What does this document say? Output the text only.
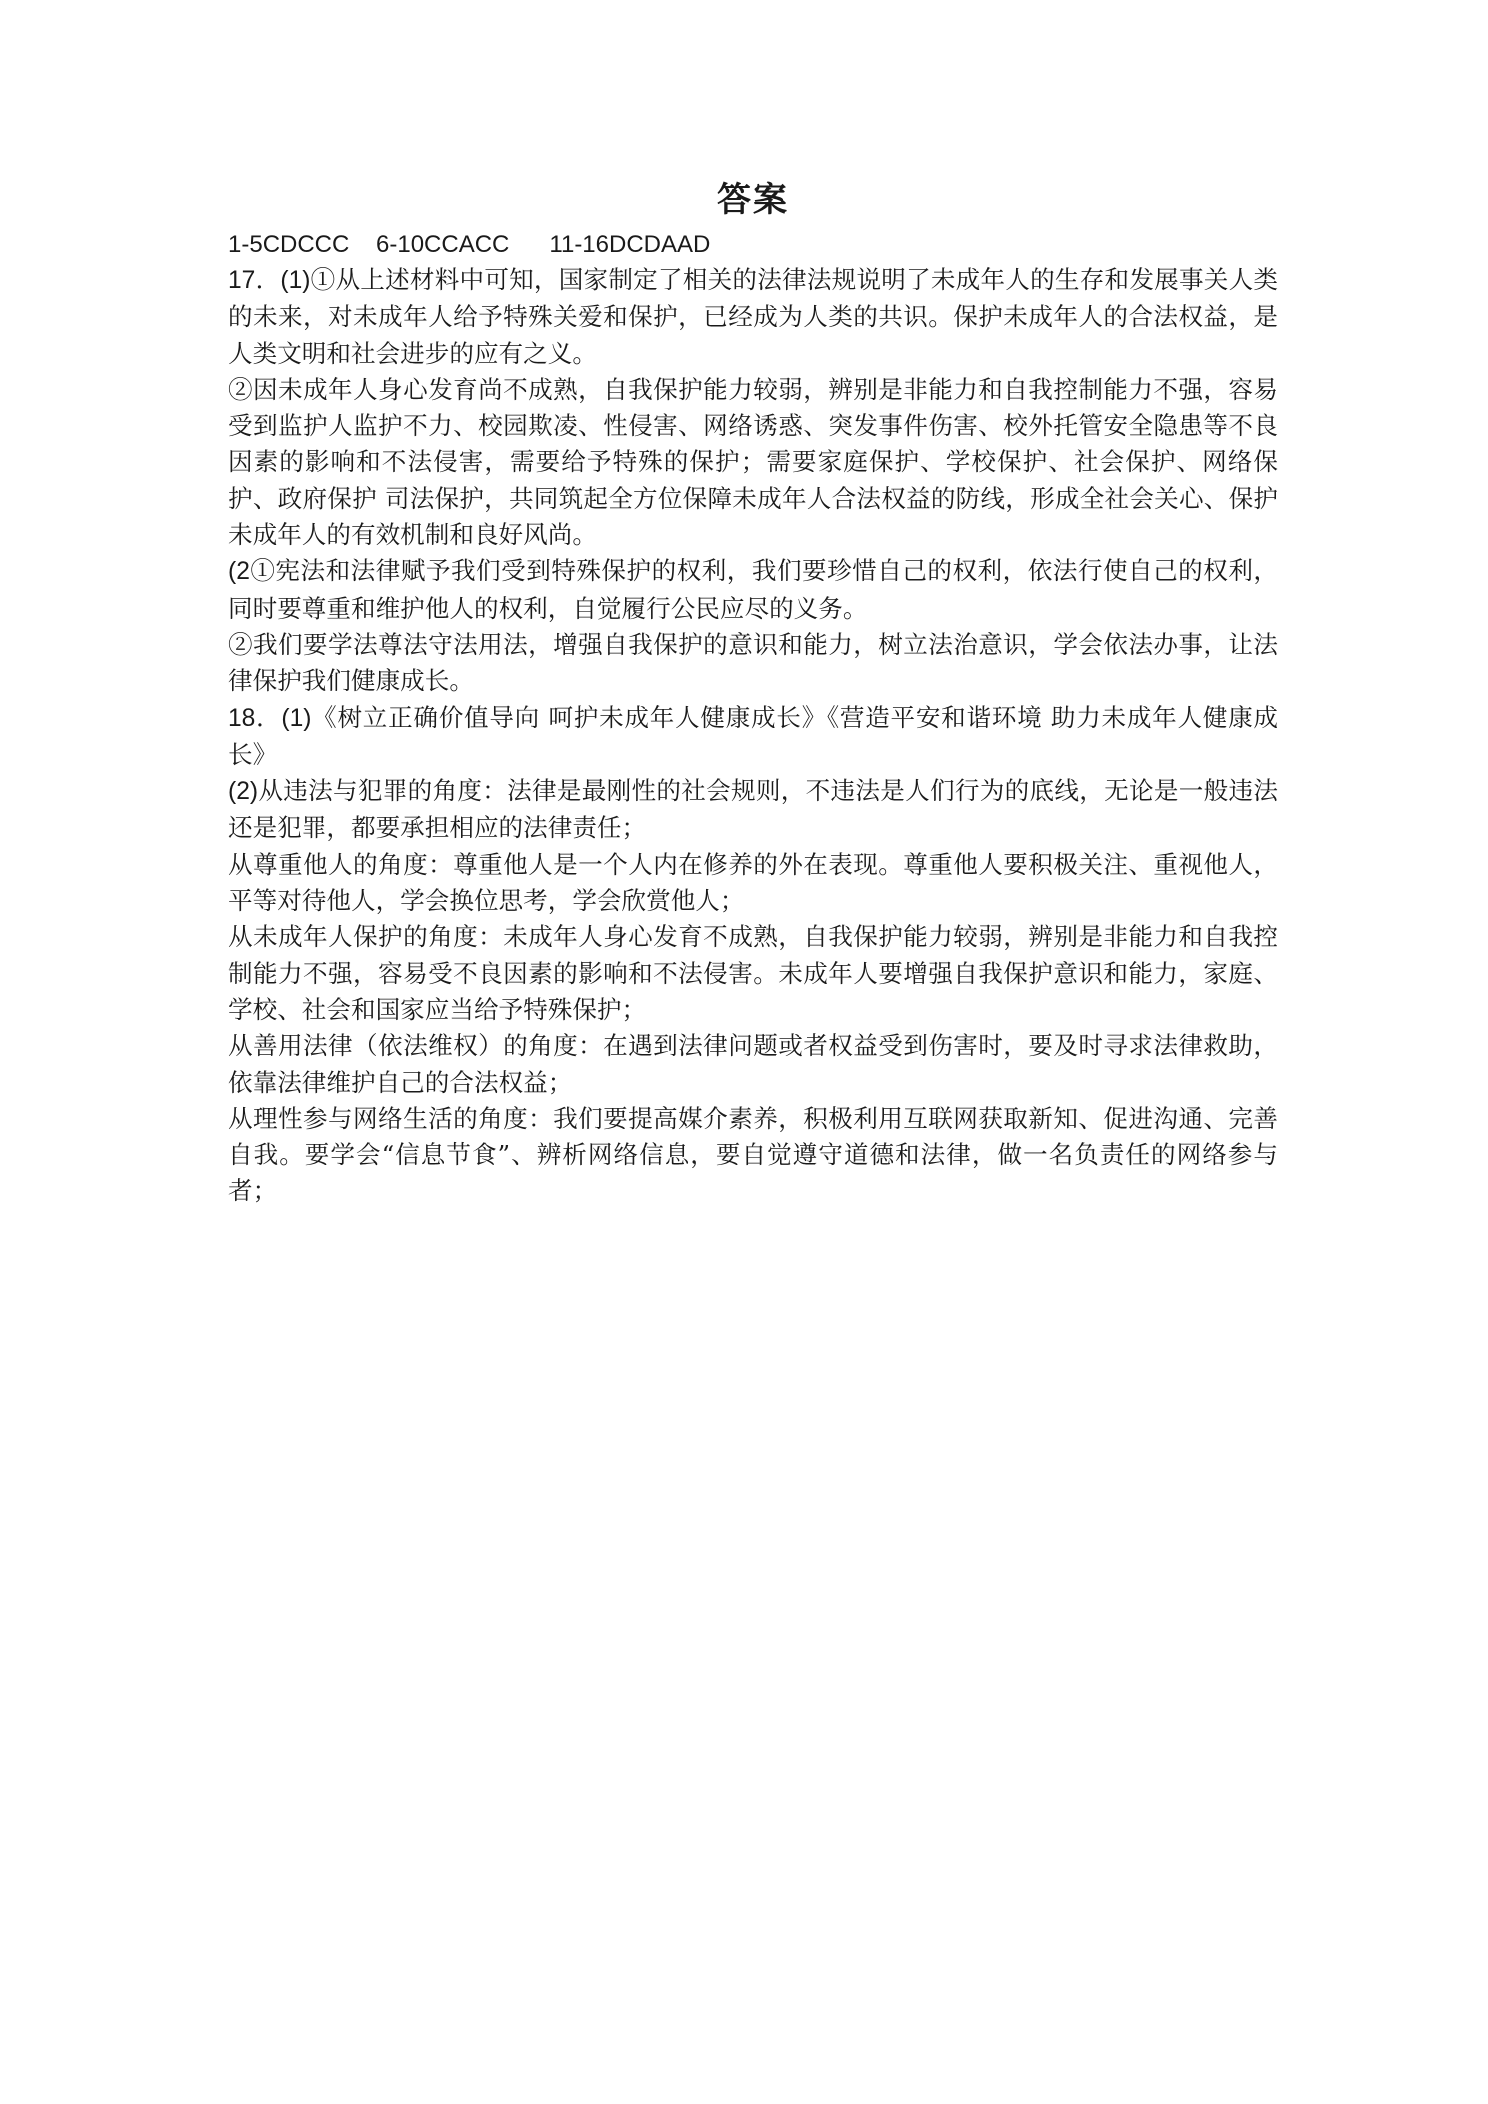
答案

1-5CDCCC    6-10CCACC      11-16DCDAAD

17．(1)①从上述材料中可知，国家制定了相关的法律法规说明了未成年人的生存和发展事关人类的未来，对未成年人给予特殊关爱和保护，已经成为人类的共识。保护未成年人的合法权益，是人类文明和社会进步的应有之义。

②因未成年人身心发育尚不成熟，自我保护能力较弱，辨别是非能力和自我控制能力不强，容易受到监护人监护不力、校园欺凌、性侵害、网络诱惑、突发事件伤害、校外托管安全隐患等不良因素的影响和不法侵害，需要给予特殊的保护；需要家庭保护、学校保护、社会保护、网络保护、政府保护 司法保护，共同筑起全方位保障未成年人合法权益的防线，形成全社会关心、保护未成年人的有效机制和良好风尚。

(2①宪法和法律赋予我们受到特殊保护的权利，我们要珍惜自己的权利，依法行使自己的权利，同时要尊重和维护他人的权利，自觉履行公民应尽的义务。

②我们要学法尊法守法用法，增强自我保护的意识和能力，树立法治意识，学会依法办事，让法律保护我们健康成长。

18．(1)《树立正确价值导向 呵护未成年人健康成长》《营造平安和谐环境 助力未成年人健康成长》

(2)从违法与犯罪的角度：法律是最刚性的社会规则，不违法是人们行为的底线，无论是一般违法还是犯罪，都要承担相应的法律责任；

从尊重他人的角度：尊重他人是一个人内在修养的外在表现。尊重他人要积极关注、重视他人，平等对待他人，学会换位思考，学会欣赏他人；

从未成年人保护的角度：未成年人身心发育不成熟，自我保护能力较弱，辨别是非能力和自我控制能力不强，容易受不良因素的影响和不法侵害。未成年人要增强自我保护意识和能力，家庭、学校、社会和国家应当给予特殊保护；

从善用法律（依法维权）的角度：在遇到法律问题或者权益受到伤害时，要及时寻求法律救助，依靠法律维护自己的合法权益；

从理性参与网络生活的角度：我们要提高媒介素养，积极利用互联网获取新知、促进沟通、完善自我。要学会“信息节食”、辨析网络信息，要自觉遵守道德和法律，做一名负责任的网络参与者；
